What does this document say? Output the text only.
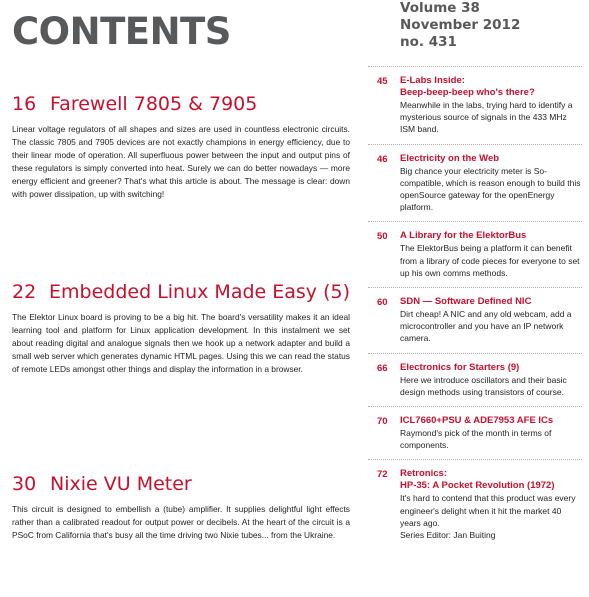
CONTENTS
Volume 38
November 2012
no. 431
16 Farewell 7805 & 7905
Linear voltage regulators of all shapes and sizes are used in countless electronic circuits. The classic 7805 and 7905 devices are not exactly champions in energy efficiency, due to their linear mode of operation. All superfluous power between the input and output pins of these regulators is simply converted into heat. Surely we can do better nowadays — more energy efficient and greener? That's what this article is about. The message is clear: down with power dissipation, up with switching!
22 Embedded Linux Made Easy (5)
The Elektor Linux board is proving to be a big hit. The board's versatility makes it an ideal learning tool and platform for Linux application development. In this instalment we set about reading digital and analogue signals then we hook up a network adapter and build a small web server which generates dynamic HTML pages. Using this we can read the status of remote LEDs amongst other things and display the information in a browser.
30 Nixie VU Meter
This circuit is designed to embellish a (tube) amplifier. It supplies delightful light effects rather than a calibrated readout for output power or decibels. At the heart of the circuit is a PSoC from California that's busy all the time driving two Nixie tubes... from the Ukraine.
45	E-Labs Inside:
Beep-beep-beep who's there?
Meanwhile in the labs, trying hard to identify a mysterious source of signals in the 433 MHz ISM band.
46	Electricity on the Web
Big chance your electricity meter is So-compatible, which is reason enough to build this openSource gateway for the openEnergy platform.
50	A Library for the ElektorBus
The ElektorBus being a platform it can benefit from a library of code pieces for everyone to set up his own comms methods.
60	SDN — Software Defined NIC
Dirt cheap! A NIC and any old webcam, add a microcontroller and you have an IP network camera.
66	Electronics for Starters (9)
Here we introduce oscillators and their basic design methods using transistors of course.
70	ICL7660+PSU & ADE7953 AFE ICs
Raymond's pick of the month in terms of components.
72	Retronics:
HP-35: A Pocket Revolution (1972)
It's hard to contend that this product was every engineer's delight when it hit the market 40 years ago.
Series Editor: Jan Buiting
